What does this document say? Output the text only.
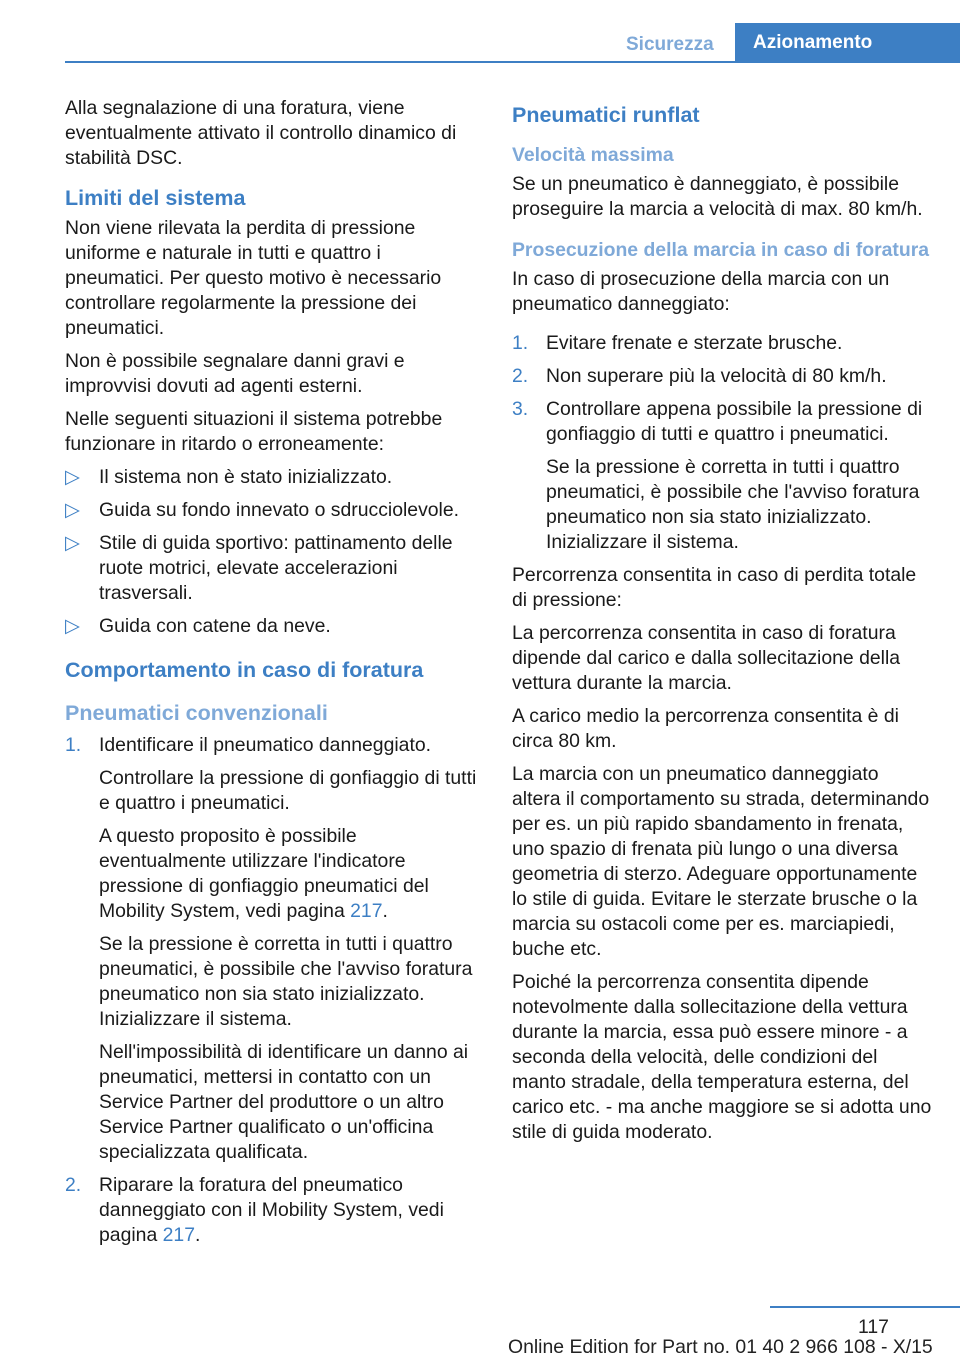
Sicurezza	Azionamento

Alla segnalazione di una foratura, viene eventualmente attivato il controllo dinamico di stabilità DSC.

Limiti del sistema

Non viene rilevata la perdita di pressione uniforme e naturale in tutti e quattro i pneumatici. Per questo motivo è necessario controllare regolarmente la pressione dei pneumatici.

Non è possibile segnalare danni gravi e improvvisi dovuti ad agenti esterni.

Nelle seguenti situazioni il sistema potrebbe funzionare in ritardo o erroneamente:

▷ Il sistema non è stato inizializzato.
▷ Guida su fondo innevato o sdrucciolevole.
▷ Stile di guida sportivo: pattinamento delle ruote motrici, elevate accelerazioni trasversali.
▷ Guida con catene da neve.
Comportamento in caso di foratura
Pneumatici convenzionali
1. Identificare il pneumatico danneggiato.
Controllare la pressione di gonfiaggio di tutti e quattro i pneumatici.
A questo proposito è possibile eventualmente utilizzare l'indicatore pressione di gonfiaggio pneumatici del Mobility System, vedi pagina 217.
Se la pressione è corretta in tutti i quattro pneumatici, è possibile che l'avviso foratura pneumatico non sia stato inizializzato. Inizializzare il sistema.
Nell'impossibilità di identificare un danno ai pneumatici, mettersi in contatto con un Service Partner del produttore o un altro Service Partner qualificato o un'officina specializzata qualificata.
2. Riparare la foratura del pneumatico danneggiato con il Mobility System, vedi pagina 217.
Pneumatici runflat
Velocità massima

Se un pneumatico è danneggiato, è possibile proseguire la marcia a velocità di max. 80 km/h.

Prosecuzione della marcia in caso di foratura

In caso di prosecuzione della marcia con un pneumatico danneggiato:

1. Evitare frenate e sterzate brusche.
2. Non superare più la velocità di 80 km/h.
3. Controllare appena possibile la pressione di gonfiaggio di tutti e quattro i pneumatici.
Se la pressione è corretta in tutti i quattro pneumatici, è possibile che l'avviso foratura pneumatico non sia stato inizializzato. Inizializzare il sistema.

Percorrenza consentita in caso di perdita totale di pressione:

La percorrenza consentita in caso di foratura dipende dal carico e dalla sollecitazione della vettura durante la marcia.

A carico medio la percorrenza consentita è di circa 80 km.

La marcia con un pneumatico danneggiato altera il comportamento su strada, determinando per es. un più rapido sbandamento in frenata, uno spazio di frenata più lungo o una diversa geometria di sterzo. Adeguare opportunamente lo stile di guida. Evitare le sterzate brusche o la marcia su ostacoli come per es. marciapiedi, buche etc.

Poiché la percorrenza consentita dipende notevolmente dalla sollecitazione della vettura durante la marcia, essa può essere minore - a seconda della velocità, delle condizioni del manto stradale, della temperatura esterna, del carico etc. - ma anche maggiore se si adotta uno stile di guida moderato.

117
Online Edition for Part no. 01 40 2 966 108 - X/15
